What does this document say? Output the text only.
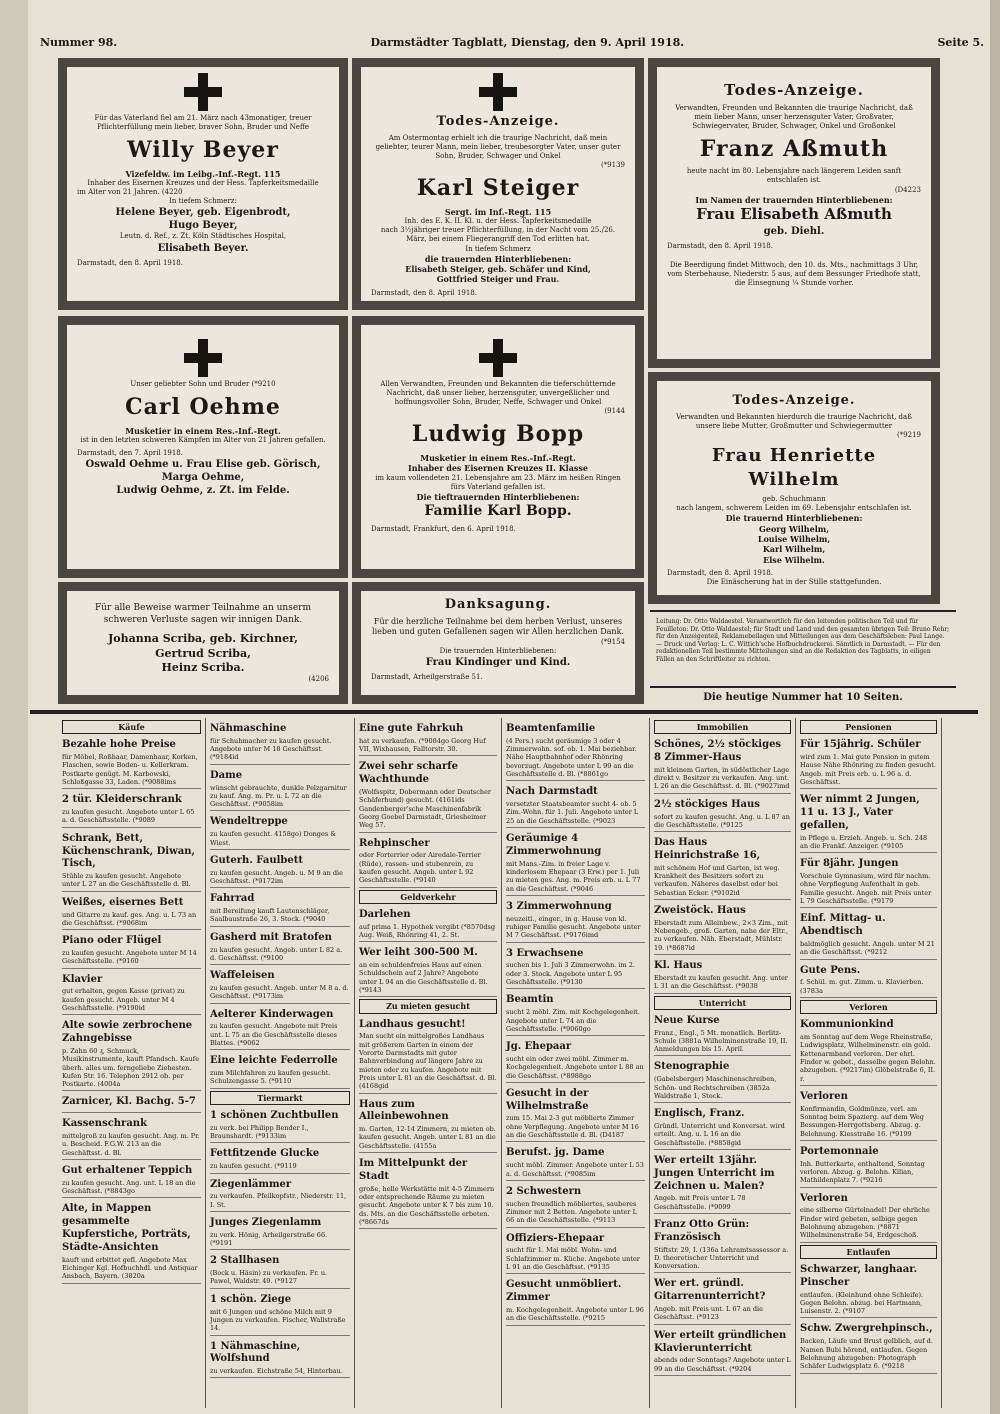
Nummer 98.	Darmstädter Tagblatt, Dienstag, den 9. April 1918.	Seite 5.
Für das Vaterland fiel am 21. März nach 43monatiger, treuer Pflichterfüllung mein lieber, braver Sohn, Bruder und Neffe
Willy Beyer
Vizefeldw. im Leibg.-Inf.-Regt. 115
Inhaber des Eisernen Kreuzes und der Hess. Tapferkeitsmedaille
im Alter von 21 Jahren. (4220
In tiefem Schmerz:
Helene Beyer, geb. Eigenbrodt,
Hugo Beyer,
Leutn. d. Ref., z. Zt. Köln Städtisches Hospital,
Elisabeth Beyer.
Darmstadt, den 8. April 1918.
Todes-Anzeige.
Am Ostermontag erhielt ich die traurige Nachricht, daß mein geliebter, teurer Mann, mein lieber, treubesorgter Vater, unser guter Sohn, Bruder, Schwager und Onkel
(*9139
Karl Steiger
Sergt. im Inf.-Regt. 115
Inh. des E. K. II. Kl. u. der Hess. Tapferkeitsmedaille
nach 3½jähriger treuer Pflichterfüllung, in der Nacht vom 25./26. März, bei einem Fliegerangriff den Tod erlitten hat.
In tiefem Schmerz
die trauernden Hinterbliebenen:
Elisabeth Steiger, geb. Schäfer und Kind,
Gottfried Steiger und Frau.
Darmstadt, den 8. April 1918.
Todes-Anzeige.
Verwandten, Freunden und Bekannten die traurige Nachricht, daß mein lieber Mann, unser herzensguter Vater, Großvater, Schwiegervater, Bruder, Schwager, Onkel und Großonkel
Franz Aßmuth
heute nacht im 80. Lebensjahre nach längerem Leiden sanft entschlafen ist.
(D4223
Im Namen der trauernden Hinterbliebenen:
Frau Elisabeth Aßmuth
geb. Diehl.
Darmstadt, den 8. April 1918.
Die Beerdigung findet Mittwoch, den 10. ds. Mts., nachmittags 3 Uhr, vom Sterbehause, Niederstr. 5 aus, auf dem Bessunger Friedhofe statt, die Einsegnung ¼ Stunde vorher.
Unser geliebter Sohn und Bruder (*9210
Carl Oehme
Musketier in einem Res.-Inf.-Regt.
ist in den letzten schweren Kämpfen im Alter von 21 Jahren gefallen.
Darmstadt, den 7. April 1918.
Oswald Oehme u. Frau Elise geb. Görisch,
Marga Oehme,
Ludwig Oehme, z. Zt. im Felde.
Allen Verwandten, Freunden und Bekannten die tieferschütternde Nachricht, daß unser lieber, herzensguter, unvergeßlicher und hoffnungsvoller Sohn, Bruder, Neffe, Schwager und Onkel
(9144
Ludwig Bopp
Musketier in einem Res.-Inf.-Regt.
Inhaber des Eisernen Kreuzes II. Klasse
im kaum vollendeten 21. Lebensjahre am 23. März im heißen Ringen fürs Vaterland gefallen ist.
Die tieftrauernden Hinterbliebenen:
Familie Karl Bopp.
Darmstadt, Frankfurt, den 6. April 1918.
Todes-Anzeige.
Verwandten und Bekannten hierdurch die traurige Nachricht, daß unsere liebe Mutter, Großmutter und Schwiegermutter
(*9219
Frau Henriette Wilhelm
geb. Schuchmann
nach langem, schwerem Leiden im 69. Lebensjahr entschlafen ist.
Die trauernd Hinterbliebenen:
Georg Wilhelm,
Louise Wilhelm,
Karl Wilhelm,
Else Wilhelm.
Darmstadt, den 8. April 1918.
Die Einäscherung hat in der Stille stattgefunden.
Für alle Beweise warmer Teilnahme an unserm schweren Verluste sagen wir innigen Dank.
Johanna Scriba, geb. Kirchner,
Gertrud Scriba,
Heinz Scriba.
(4206
Danksagung.
Für die herzliche Teilnahme bei dem herben Verlust, unseres lieben und guten Gefallenen sagen wir Allen herzlichen Dank.
(*9154
Die trauernden Hinterbliebenen:
Frau Kindinger und Kind.
Darmstadt, Arheilgerstraße 51.
Leitung: Dr. Otto Waldaestel. Verantwortlich für den leitenden politischen Teil und für Feuilleton: Dr. Otto Waldaestel; für Stadt und Land und den gesamten übrigen Teil: Bruno Rehr; für den Anzeigenteil, Reklamebeilagen und Mitteilungen aus dem Geschäftsleben: Paul Lange. — Druck und Verlag: L. C. Wittich'sche Hofbuchdruckerei. Sämtlich in Darmstadt. — Für den redaktionellen Teil bestimmte Mitteilungen sind an die Redaktion des Tagblatts, in eiligen Fällen an den Schriftleiter zu richten.
Die heutige Nummer hat 10 Seiten.
Käufe
Bezahle hohe Preise
für Möbel, Roßhaar, Damenhaar, Korken, Flaschen, sowie Boden- u. Kellerkram. Postkarte genügt. M. Karbowski, Schloßgasse 33, Laden. (*9088ims
2 tür. Kleiderschrank
zu kaufen gesucht. Angebote unter L 65 a. d. Geschäftsstelle. (*9089
Schrank, Bett, Küchenschrank, Diwan, Tisch,
Stühle zu kaufen gesucht. Angebote unter L 27 an die Geschäftsstelle d. Bl.
Weißes, eisernes Bett
und Gitarre zu kauf. ges. Ang. u. L 73 an die Geschäftsst. (*9068im
Piano oder Flügel
zu kaufen gesucht. Angebote unter M 14 Geschäftsstelle. (*9160
Klavier
gut erhalten, gegen Kasse (privat) zu kaufen gesucht. Angeb. unter M 4 Geschäftsstelle. (*9190id
Alte sowie zerbrochene Zahngebisse
p. Zahn 60 ₰, Schmuck, Musikinstrumente, kauft Pfandsch. Kaufe überh. alles um. ferngeliebe Ziehesten. Kufen Str. 16. Telephon 2912 ob. per Postkarte. (4004a
Zarnicer, Kl. Bachg. 5-7
Kassenschrank
mittelgroß zu kaufen gesucht. Ang. m. Pr. u. Bescheid. F.G.W. 213 an die Geschäftsst. d. Bl.
Gut erhaltener Teppich
zu kaufen gesucht. Ang. unt. L 18 an die Geschäftsst. (*8843go
Alte, in Mappen gesammelte Kupferstiche, Porträts, Städte-Ansichten
kauft und erbittet gefl. Angebote Max Eichinger Kgl. Hofbuchhdl. und Antiquar Ansbach, Bayern. (3820a
Nähmaschine
für Schuhmacher zu kaufen gesucht. Angebote unter M 18 Geschäftsst. (*9184id
Dame
wünscht gebrauchte, dunkle Pelzgarnitur zu kauf. Ang. m. Pr. u. L 72 an die Geschäftsst. (*9058im
Wendeltreppe
zu kaufen gesucht. 4158go) Donges & Wiest.
Guterh. Faulbett
zu kaufen gesucht. Angeb. u. M 9 an die Geschäftsst. (*9172im
Fahrrad
mit Bereifung kauft Lautenschläger, Saalbaustraße 26, 3. Stock. (*9040
Gasherd mit Bratofen
zu kaufen gesucht. Angeb. unter L 82 a. d. Geschäftsst. (*9100
Waffeleisen
zu kaufen gesucht. Angeb. unter M 8 a. d. Geschäftsst. (*9173im
Aelterer Kinderwagen
zu kaufen gesucht. Angebote mit Preis unt. L 75 an die Geschäftsstelle dieses Blattes. (*9062
Eine leichte Federrolle
zum Milchfahren zu kaufen gesucht. Schulzengasse 5. (*9110
Tiermarkt
1 schönen Zuchtbullen
zu verk. bei Philipp Bender I., Braunshardt. (*9133im
Fettfitzende Glucke
zu kaufen gesucht. (*9119
Ziegenlämmer
zu verkaufen. Pfeilkopfstr., Niederstr. 11, I. St.
Junges Ziegenlamm
zu verk. Hönig, Arheilgerstraße 66. (*9191
2 Stallhasen
(Bock u. Häsin) zu verkaufen. Fr. u. Pawel, Waldstr. 49. (*9127
1 schön. Ziege
mit 6 Jungen und schöne Milch mit 9 Jungen zu verkaufen. Fischer, Wallstraße 14.
1 Nähmaschine, Wolfshund
zu verkaufen. Eichstraße 54, Hinterbau.
Eine gute Fahrkuh
hat zu verkaufen. (*9084go Georg Huf VII, Wixhausen, Falltorstr. 30.
Zwei sehr scharfe Wachthunde
(Wolfsspitz, Dobermann oder Deutscher Schäferhund) gesucht. (4161ids Gandenberger'sche Maschinenfabrik Georg Goebel Darmstadt, Griesheimer Weg 57.
Rehpinscher
oder Forterrier oder Airedale-Terrier (Rüde), rassen- und stubenrein, zu kaufen gesucht. Angeb. unter L 92 Geschäftsstelle. (*9140
Geldverkehr
Darlehen
auf prima 1. Hypothek vergibt (*8570dsg Aug. Weiß, Rhönring 41, 2. St.
Wer leiht 300-500 M.
an ein schuldenfreies Haus auf einen Schuldschein auf 2 Jahre? Angebote unter L 94 an die Geschäftsstelle d. Bl. (*9143
Zu mieten gesucht
Landhaus gesucht!
Man sucht ein mittelgroßes Landhaus mit größerem Garten in einem der Vororte Darmstadts mit guter Bahnverbindung auf längere Jahre zu mieten oder zu kaufen. Angebote mit Preis unter L 81 an die Geschäftsst. d. Bl. (4168gid
Haus zum Alleinbewohnen
m. Garten, 12-14 Zimmern, zu mieten ob. kaufen gesucht. Angeb. unter L 81 an die Geschäftsstelle. (4155a
Im Mittelpunkt der Stadt
große, helle Werkstätte mit 4-5 Zimmern oder entsprechende Räume zu mieten gesucht. Angebote unter K 7 bis zum 10. ds. Mts. an die Geschäftsstelle erbeten. (*8667ds
Beamtenfamilie
(4 Pers.) sucht geräumige 3 oder 4 Zimmerwohn. sof. ob. 1. Mai beziehbar. Nähe Hauptbahnhof oder Rhönring bevorzugt. Angebote unter L 99 an die Geschäftsstelle d. Bl. (*8861go
Nach Darmstadt
versetzter Staatsbeamter sucht 4- ob. 5 Zim.-Wohn. für 1. Juli. Angebote unter L 25 an die Geschäftsstelle. (*9023
Geräumige 4 Zimmerwohnung
mit Mans.-Zim. in freier Lage v. kinderlosem Ehepaar (3 Erw.) per 1. Juli zu mieten ges. Ang. m. Preis erb. u. L 77 an die Geschäftsst. (*9046
3 Zimmerwohnung
neuzeitl., einger., in g. Hause von kl. ruhiger Familie gesucht. Angebote unter M 7 Geschäftsst. (*9176imd
3 Erwachsene
suchen bis 1. Juli 3 Zimmerwohn. im 2. oder 3. Stock. Angebote unter L 95 Geschäftsstelle. (*9130
Beamtin
sucht 2 möbl. Zim. mit Kochgelegenheit. Angebote unter L 74 an die Geschäftsstelle. (*9060go
Jg. Ehepaar
sucht ein oder zwei möbl. Zimmer m. Kochgelegenheit. Angebote unter L 88 an die Geschäftsst. (*8988go
Gesucht in der Wilhelmstraße
zum 15. Mai 2-3 gut möblierte Zimmer ohne Verpflegung. Angebote unter M 16 an die Geschäftsstelle d. Bl. (D4187
Berufst. jg. Dame
sucht möbl. Zimmer. Angebote unter L 53 a. d. Geschäftsst. (*9085im
2 Schwestern
suchen freundlich möbliertes, sauberes Zimmer mit 2 Betten. Angebote unter L 66 an die Geschäftsstelle. (*9113
Offiziers-Ehepaar
sucht für 1. Mai möbl. Wohn- und Schlafzimmer m. Küche. Angebote unter L 91 an die Geschäftsst. (*9135
Gesucht unmöbliert. Zimmer
m. Kochgelegenheit. Angebote unter L 96 an die Geschäftsstelle. (*9215
Immobilien
Schönes, 2½ stöckiges 8 Zimmer-Haus
mit kleinem Garten, in südöstlicher Lage direkt v. Besitzer zu verkaufen. Ang. unt. L 26 an die Geschäftsst. d. Bl. (*9027imd
2½ stöckiges Haus
sofort zu kaufen gesucht. Ang. u. L 87 an die Geschäftsstelle. (*9125
Das Haus Heinrichstraße 16,
mit schönem Hof und Garten, ist weg. Krankheit des Besitzers sofort zu verkaufen. Näheres daselbst oder bei Sebastian Ecker. (*9102id
Zweistöck. Haus
Eberstadt zum Alleinbew., 2×3 Zim., mit Nebengeb., groß. Garten, nahe der Eltr., zu verkaufen. Näh. Eberstadt, Mühlstr. 19. (*8687id
Kl. Haus
Eberstadt zu kaufen gesucht. Ang. unter L 31 an die Geschäftsst. (*9038
Unterricht
Neue Kurse
Franz., Engl., 5 Mt. monatlich. Berlitz-Schule (3881a Wilhelminenstraße 19, II. Anmeldungen bis 15. April.
Stenographie
(Gabelsberger) Maschinenschreiben, Schön- und Rechtschreiben (3852a Waldstraße 1, Stock.
Englisch, Franz.
Gründl. Unterricht und Konversat. wird erteilt. Ang. u. L 16 an die Geschäftsstelle. (*8858gid
Wer erteilt 13jähr. Jungen Unterricht im Zeichnen u. Malen?
Angeb. mit Preis unter L 78 Geschäftsstelle. (*9099
Franz Otto Grün: Französisch
Stiftstr. 29, I. (136a Lehramtsassessor a. D. theoretischer Unterricht und Konversation.
Wer ert. gründl. Gitarrenunterricht?
Angeb. mit Preis unt. L 67 an die Geschäftsst. (*9123
Wer erteilt gründlichen Klavierunterricht
abends oder Sonntags? Angebote unter L 99 an die Geschäftsst. (*9204
Pensionen
Für 15jährig. Schüler
wird zum 1. Mai gute Pension in gutem Hause Nähe Rhönring zu finden gesucht. Angeb. mit Preis erb. u. L 96 a. d. Geschäftsst.
Wer nimmt 2 Jungen, 11 u. 13 J., Vater gefallen,
in Pflege u. Erzieh. Angeb. u. Sch. 248 an die Frankf. Anzeiger. (*9105
Für 8jähr. Jungen
Vorschule Gymnasium, wird für nachm. ohne Verpflegung Aufenthalt in geb. Familie gesucht. Angeb. mit Preis unter L 79 Geschäftsstelle. (*9179
Einf. Mittag- u. Abendtisch
baldmöglich gesucht. Angeb. unter M 21 an die Geschäftsst. (*9212
Gute Pens.
f. Schül. m. gut. Zimm. u. Klavierben. (3783a
Verloren
Kommunionkind
am Sonntag auf dem Wege Rheinstraße, Ludwigsplatz, Wilhelminenstr. ein gold. Kettenarmband verloren. Der ehrl. Finder w. gebet., dasselbe gegen Belohn. abzugeben. (*9217im) Glöbelstraße 6, II. r.
Verloren
Konfirmandin, Goldmünze, verl. am Sonntag beim Spazierg. auf dem Weg Bessungen-Herrgottsberg. Abzug. g. Belohnung. Kiesstraße 16. (*9199
Portemonnaie
Inh. Butterkarte, enthaltend, Sonntag verloren. Abzug. g. Belohn. Kilian, Mathildenplatz 7. (*9216
Verloren
eine silberne Gürtelnadel! Der ehrliche Finder wird gebeten, selbige gegen Belohnung abzugeben. (*8871 Wilhelminenstraße 54, Erdgeschoß.
Entlaufen
Schwarzer, langhaar. Pinscher
entlaufen. (Kleinhund ohne Schleife). Gegen Belohn. abzug. bei Hartmann, Luisenstr. 2. (*9107
Schw. Zwergrehpinsch.,
Backen, Läufe und Brust gelblich, auf d. Namen Bubi hörend, entlaufen. Gegen Belohnung abzugeben: Photograph Schäfer Ludwigsplatz 6. (*9218
